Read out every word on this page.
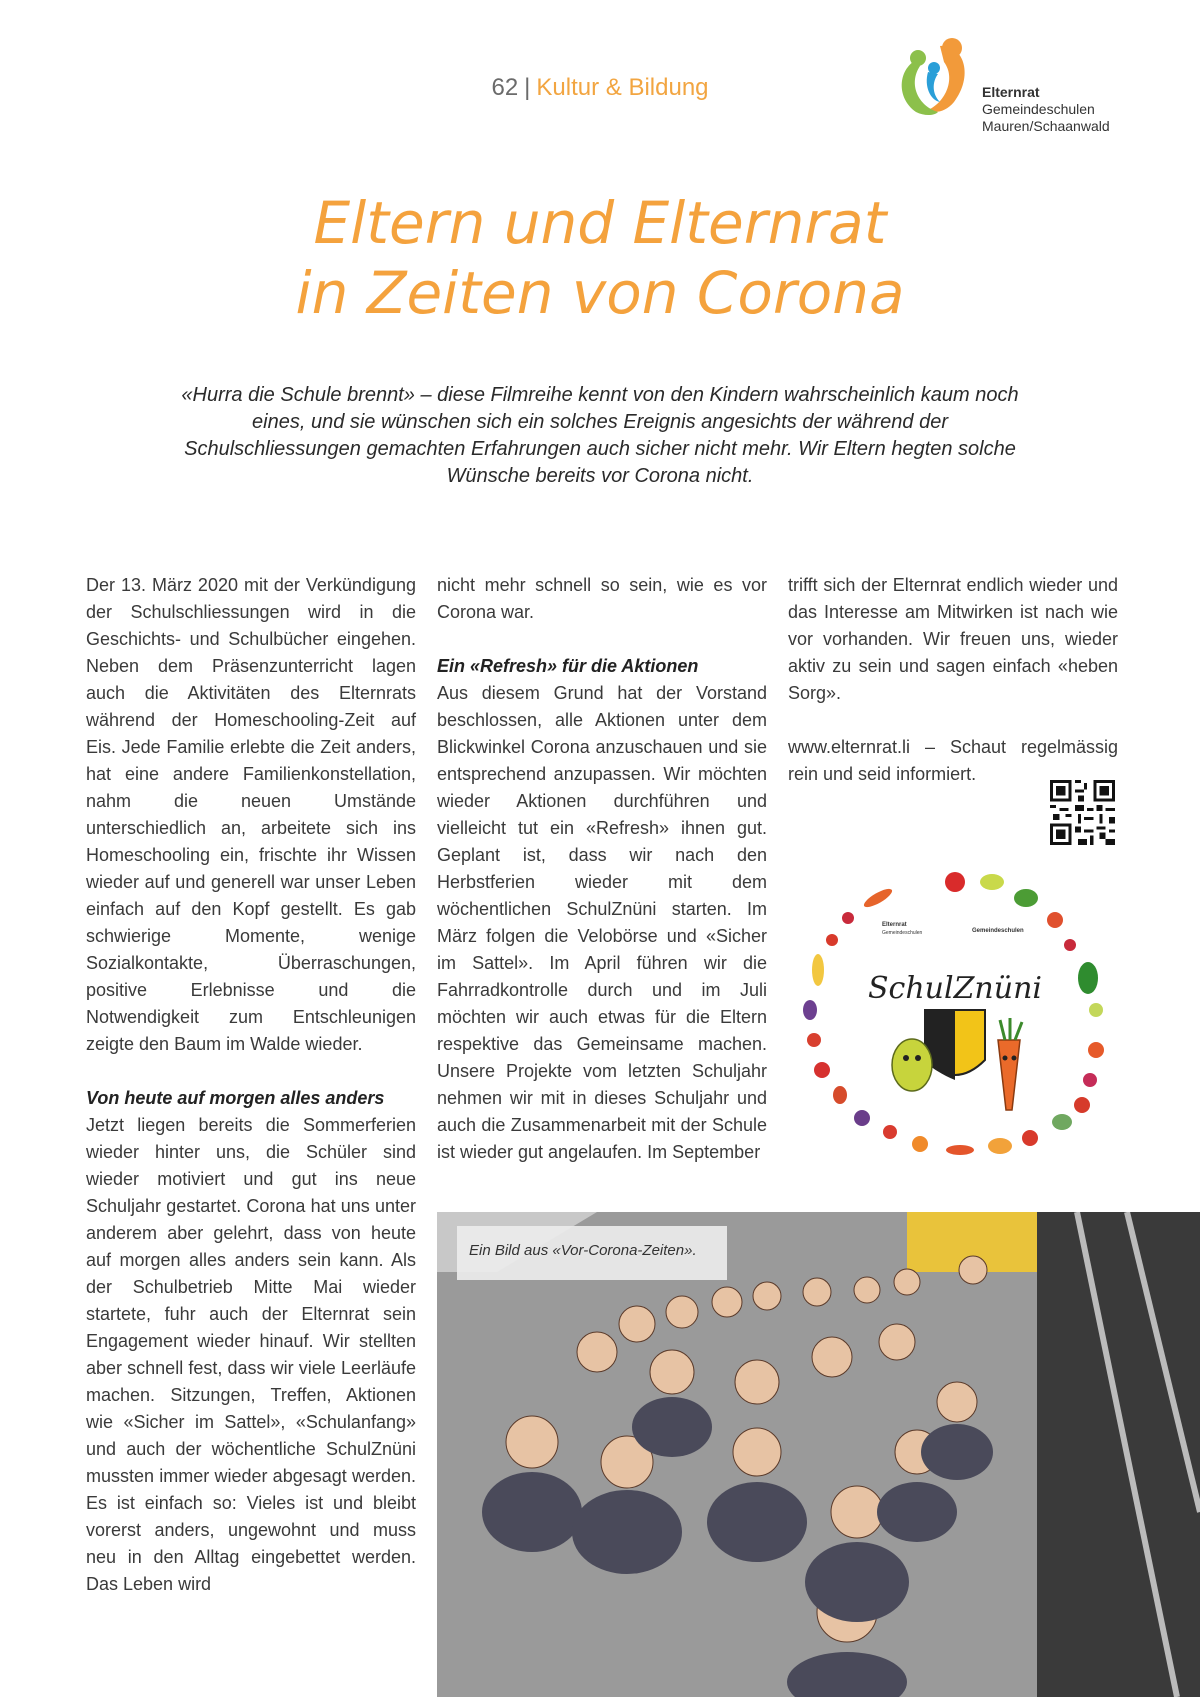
62 | Kultur & Bildung	Elternrat
Gemeindeschulen
Mauren/Schaanwald
Eltern und Elternrat
in Zeiten von Corona

«Hurra die Schule brennt» – diese Filmreihe kennt von den Kindern wahrscheinlich kaum noch eines, und sie wünschen sich ein solches Ereignis angesichts der während der Schulschliessungen gemachten Erfahrungen auch sicher nicht mehr. Wir Eltern hegten solche Wünsche bereits vor Corona nicht.

Der 13. März 2020 mit der Verkündigung der Schulschliessungen wird in die Geschichts- und Schulbücher eingehen. Neben dem Präsenzunterricht lagen auch die Aktivitäten des Elternrats während der Homeschooling-Zeit auf Eis. Jede Familie erlebte die Zeit anders, hat eine andere Familienkonstellation, nahm die neuen Umstände unterschiedlich an, arbeitete sich ins Homeschooling ein, frischte ihr Wissen wieder auf und generell war unser Leben einfach auf den Kopf gestellt. Es gab schwierige Momente, wenige Sozialkontakte, Überraschungen, positive Erlebnisse und die Notwendigkeit zum Entschleunigen zeigte den Baum im Walde wieder.

Von heute auf morgen alles anders

Jetzt liegen bereits die Sommerferien wieder hinter uns, die Schüler sind wieder motiviert und gut ins neue Schuljahr gestartet. Corona hat uns unter anderem aber gelehrt, dass von heute auf morgen alles anders sein kann. Als der Schulbetrieb Mitte Mai wieder startete, fuhr auch der Elternrat sein Engagement wieder hinauf. Wir stellten aber schnell fest, dass wir viele Leerläufe machen. Sitzungen, Treffen, Aktionen wie «Sicher im Sattel», «Schulanfang» und auch der wöchentliche SchulZnüni mussten immer wieder abgesagt werden. Es ist einfach so: Vieles ist und bleibt vorerst anders, ungewohnt und muss neu in den Alltag eingebettet werden. Das Leben wird

nicht mehr schnell so sein, wie es vor Corona war.

Ein «Refresh» für die Aktionen

Aus diesem Grund hat der Vorstand beschlossen, alle Aktionen unter dem Blickwinkel Corona anzuschauen und sie entsprechend anzupassen. Wir möchten wieder Aktionen durchführen und vielleicht tut ein «Refresh» ihnen gut. Geplant ist, dass wir nach den Herbstferien wieder mit dem wöchentlichen SchulZnüni starten. Im März folgen die Velobörse und «Sicher im Sattel». Im April führen wir die Fahrradkontrolle durch und im Juli möchten wir auch etwas für die Eltern respektive das Gemeinsame machen. Unsere Projekte vom letzten Schuljahr nehmen wir mit in dieses Schuljahr und auch die Zusammenarbeit mit der Schule ist wieder gut angelaufen. Im September

trifft sich der Elternrat endlich wieder und das Interesse am Mitwirken ist nach wie vor vorhanden. Wir freuen uns, wieder aktiv zu sein und sagen einfach «heben Sorg».

www.elternrat.li – Schaut regelmässig rein und seid informiert.

SchulZnüni
Elternrat
Gemeindeschulen	Gemeindeschulen
Ein Bild aus «Vor-Corona-Zeiten».
